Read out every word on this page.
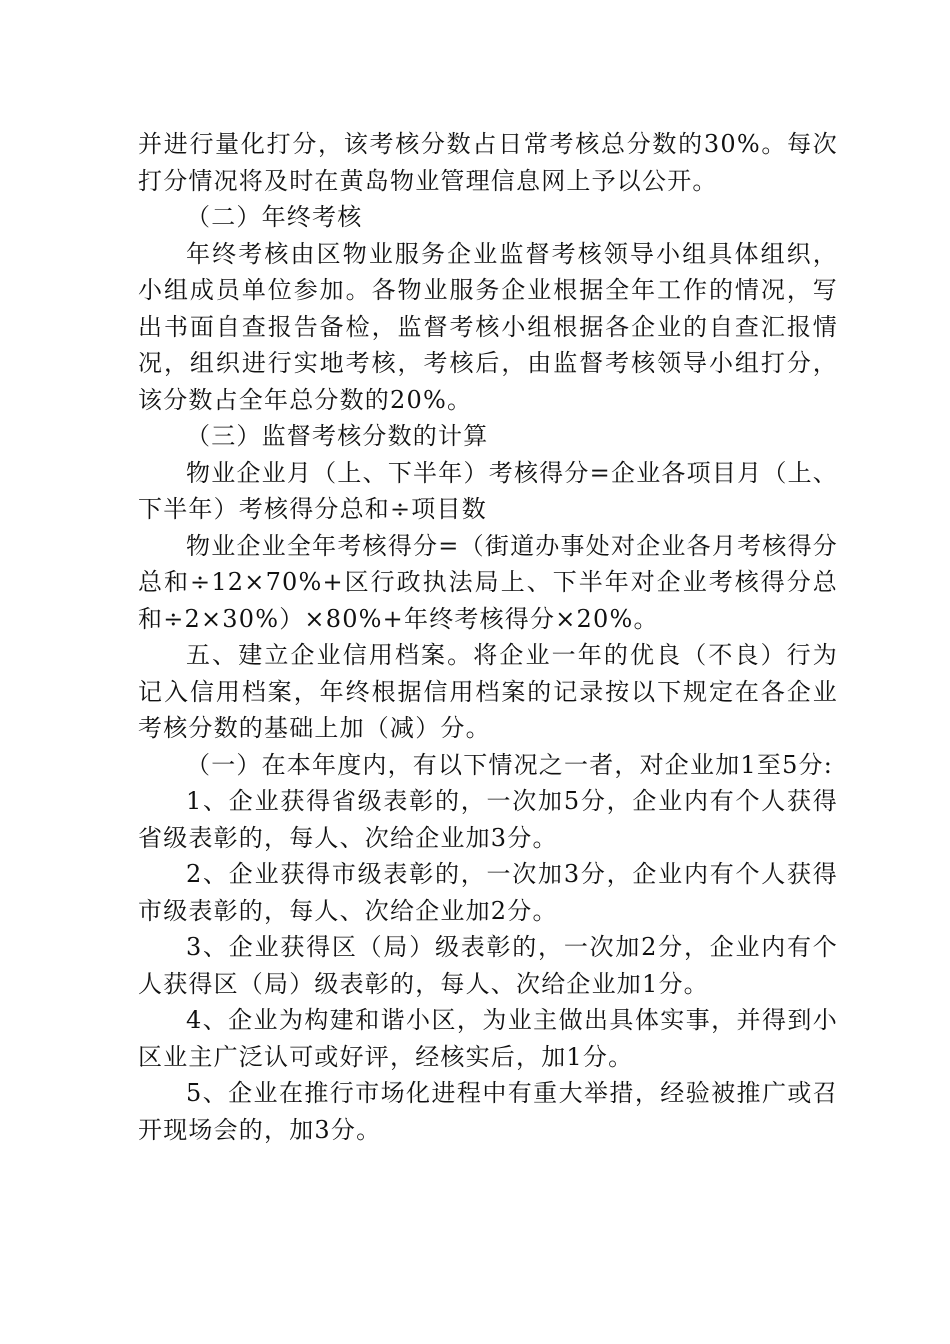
并进行量化打分，该考核分数占日常考核总分数的30%。每次打分情况将及时在黄岛物业管理信息网上予以公开。

（二）年终考核

年终考核由区物业服务企业监督考核领导小组具体组织，小组成员单位参加。各物业服务企业根据全年工作的情况，写出书面自查报告备检，监督考核小组根据各企业的自查汇报情况，组织进行实地考核，考核后，由监督考核领导小组打分，该分数占全年总分数的20%。

（三）监督考核分数的计算

物业企业月（上、下半年）考核得分=企业各项目月（上、下半年）考核得分总和÷项目数

物业企业全年考核得分=（街道办事处对企业各月考核得分总和÷12×70%+区行政执法局上、下半年对企业考核得分总和÷2×30%）×80%+年终考核得分×20%。

五、建立企业信用档案。将企业一年的优良（不良）行为记入信用档案，年终根据信用档案的记录按以下规定在各企业考核分数的基础上加（减）分。

（一）在本年度内，有以下情况之一者，对企业加1至5分:

1、企业获得省级表彰的，一次加5分，企业内有个人获得省级表彰的，每人、次给企业加3分。

2、企业获得市级表彰的，一次加3分，企业内有个人获得市级表彰的，每人、次给企业加2分。

3、企业获得区（局）级表彰的，一次加2分，企业内有个人获得区（局）级表彰的，每人、次给企业加1分。

4、企业为构建和谐小区，为业主做出具体实事，并得到小区业主广泛认可或好评，经核实后，加1分。

5、企业在推行市场化进程中有重大举措，经验被推广或召开现场会的，加3分。
